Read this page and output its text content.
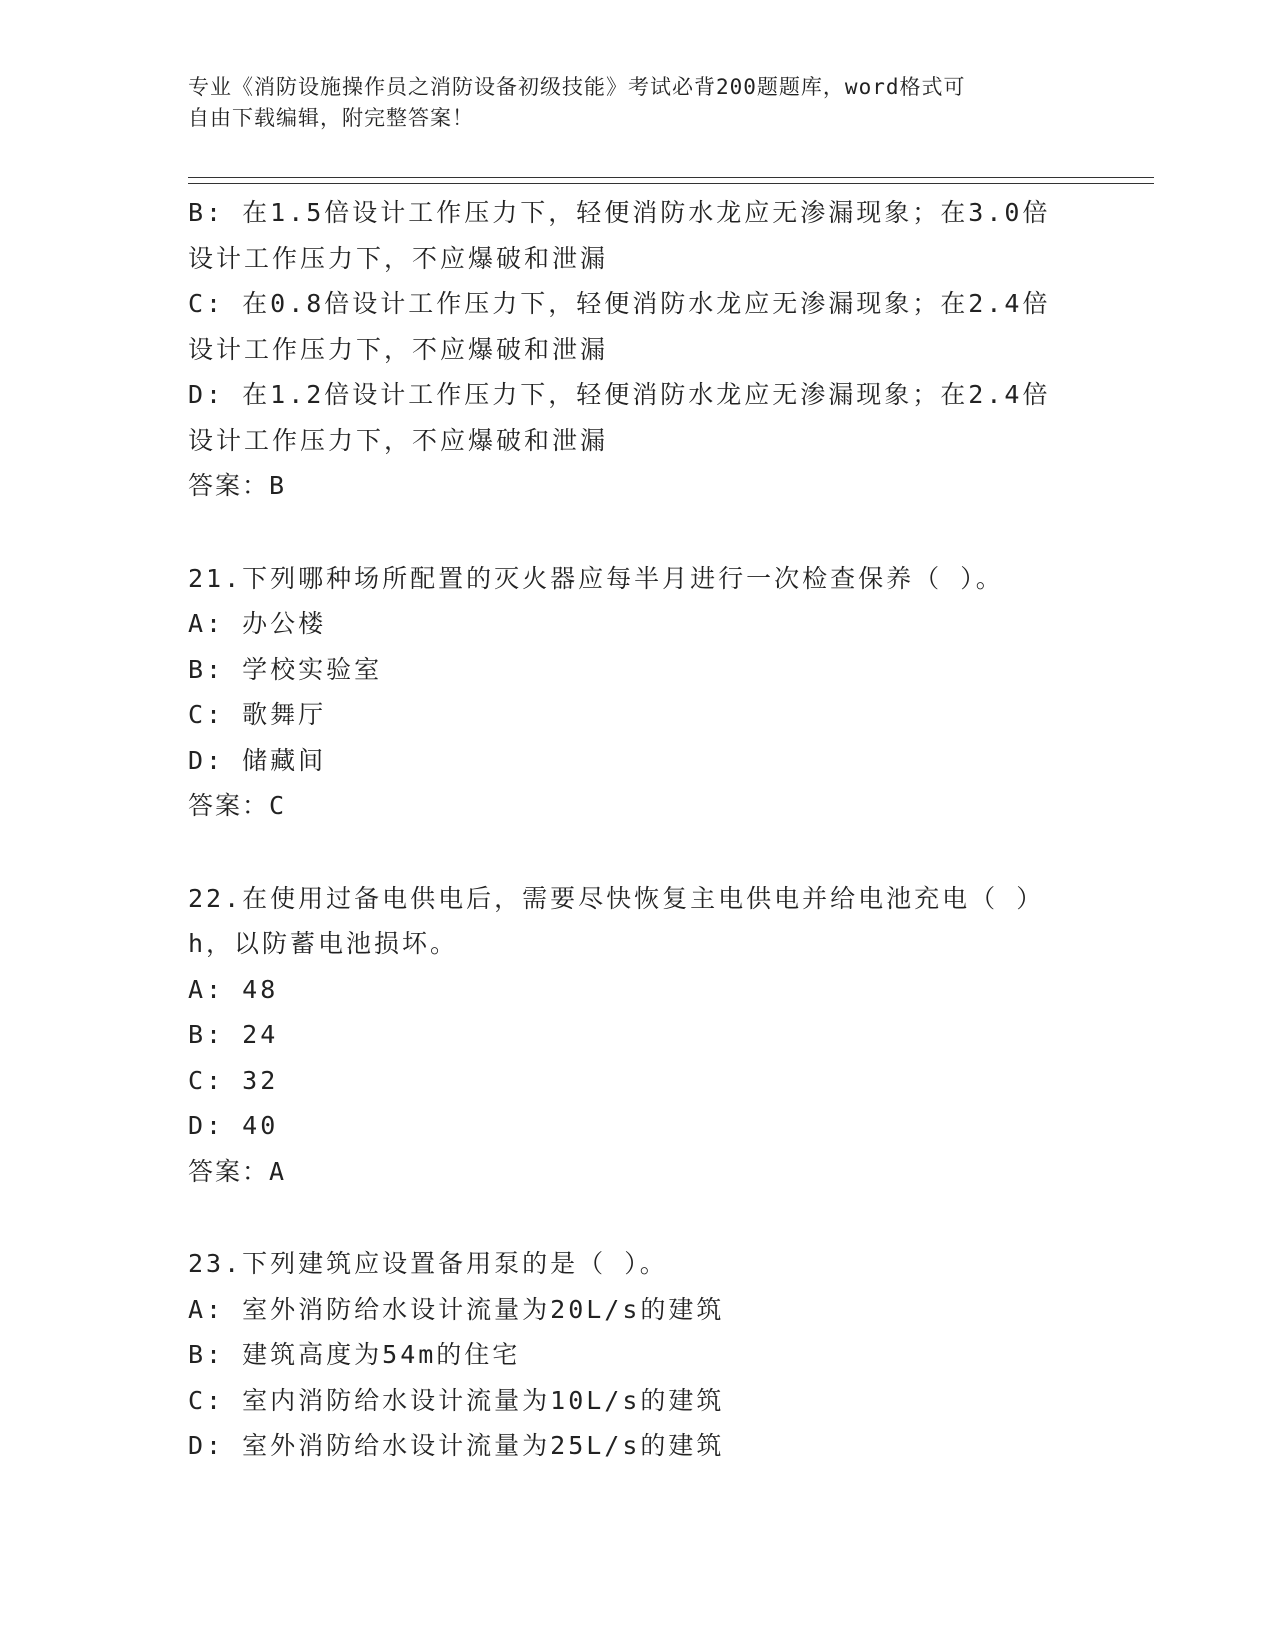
专业《消防设施操作员之消防设备初级技能》考试必背200题题库，word格式可
自由下载编辑，附完整答案！
B: 在1.5倍设计工作压力下，轻便消防水龙应无渗漏现象；在3.0倍
设计工作压力下，不应爆破和泄漏
C: 在0.8倍设计工作压力下，轻便消防水龙应无渗漏现象；在2.4倍
设计工作压力下，不应爆破和泄漏
D: 在1.2倍设计工作压力下，轻便消防水龙应无渗漏现象；在2.4倍
设计工作压力下，不应爆破和泄漏
答案：B
21.下列哪种场所配置的灭火器应每半月进行一次检查保养（ ）。
A: 办公楼
B: 学校实验室
C: 歌舞厅
D: 储藏间
答案：C
22.在使用过备电供电后，需要尽快恢复主电供电并给电池充电（ ）
h，以防蓄电池损坏。
A: 48
B: 24
C: 32
D: 40
答案：A
23.下列建筑应设置备用泵的是（ ）。
A: 室外消防给水设计流量为20L/s的建筑
B: 建筑高度为54m的住宅
C: 室内消防给水设计流量为10L/s的建筑
D: 室外消防给水设计流量为25L/s的建筑
